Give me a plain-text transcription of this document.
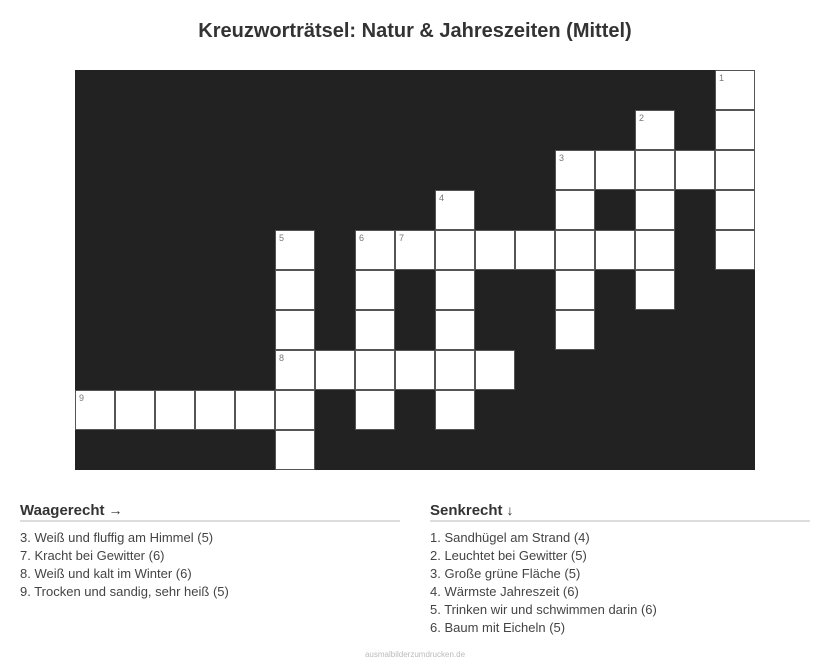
Kreuzworträtsel: Natur & Jahreszeiten (Mittel)
1
2
3
4
5	6	7
8
9
Waagerecht →
3. Weiß und fluffig am Himmel (5)
7. Kracht bei Gewitter (6)
8. Weiß und kalt im Winter (6)
9. Trocken und sandig, sehr heiß (5)
Senkrecht ↓
1. Sandhügel am Strand (4)
2. Leuchtet bei Gewitter (5)
3. Große grüne Fläche (5)
4. Wärmste Jahreszeit (6)
5. Trinken wir und schwimmen darin (6)
6. Baum mit Eicheln (5)
ausmalbilderzumdrucken.de
